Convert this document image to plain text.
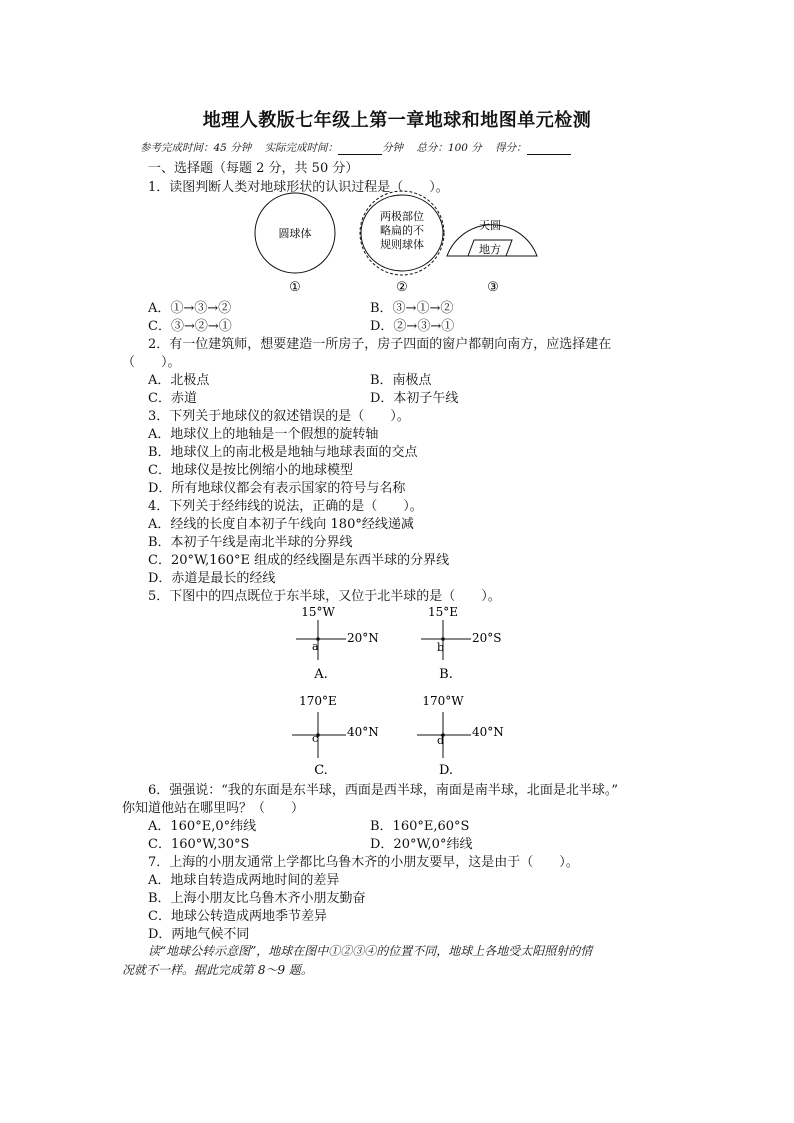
地理人教版七年级上第一章地球和地图单元检测
参考完成时间：45 分钟 实际完成时间：	分钟 总分：100 分 得分：
一、选择题（每题 2 分，共 50 分）
1．读图判断人类对地球形状的认识过程是（　　）。
圆球体
两极部位
略扁的不
规则球体
天圆
地方
①	②	③
A．①→③→②	B．③→①→②
C．③→②→①	D．②→③→①
2．有一位建筑师，想要建造一所房子，房子四面的窗户都朝向南方，应选择建在
（　　）。
A．北极点	B．南极点
C．赤道	D．本初子午线
3．下列关于地球仪的叙述错误的是（　　）。
A．地球仪上的地轴是一个假想的旋转轴
B．地球仪上的南北极是地轴与地球表面的交点
C．地球仪是按比例缩小的地球模型
D．所有地球仪都会有表示国家的符号与名称
4．下列关于经纬线的说法，正确的是（　　）。
A．经线的长度自本初子午线向 180°经线递减
B．本初子午线是南北半球的分界线
C．20°W,160°E 组成的经线圈是东西半球的分界线
D．赤道是最长的经线
5．下图中的四点既位于东半球，又位于北半球的是（　　）。
15°W
20°N
a
A.
15°E
20°S
b
B.
170°E
40°N
c
C.
170°W
40°N
d
D.
6．强强说：“我的东面是东半球，西面是西半球，南面是南半球，北面是北半球。”
你知道他站在哪里吗？（　　）
A．160°E,0°纬线	B．160°E,60°S
C．160°W,30°S	D．20°W,0°纬线
7．上海的小朋友通常上学都比乌鲁木齐的小朋友要早，这是由于（　　）。
A．地球自转造成两地时间的差异
B．上海小朋友比乌鲁木齐小朋友勤奋
C．地球公转造成两地季节差异
D．两地气候不同
读“地球公转示意图”，地球在图中①②③④的位置不同，地球上各地受太阳照射的情
况就不一样。据此完成第 8～9 题。
